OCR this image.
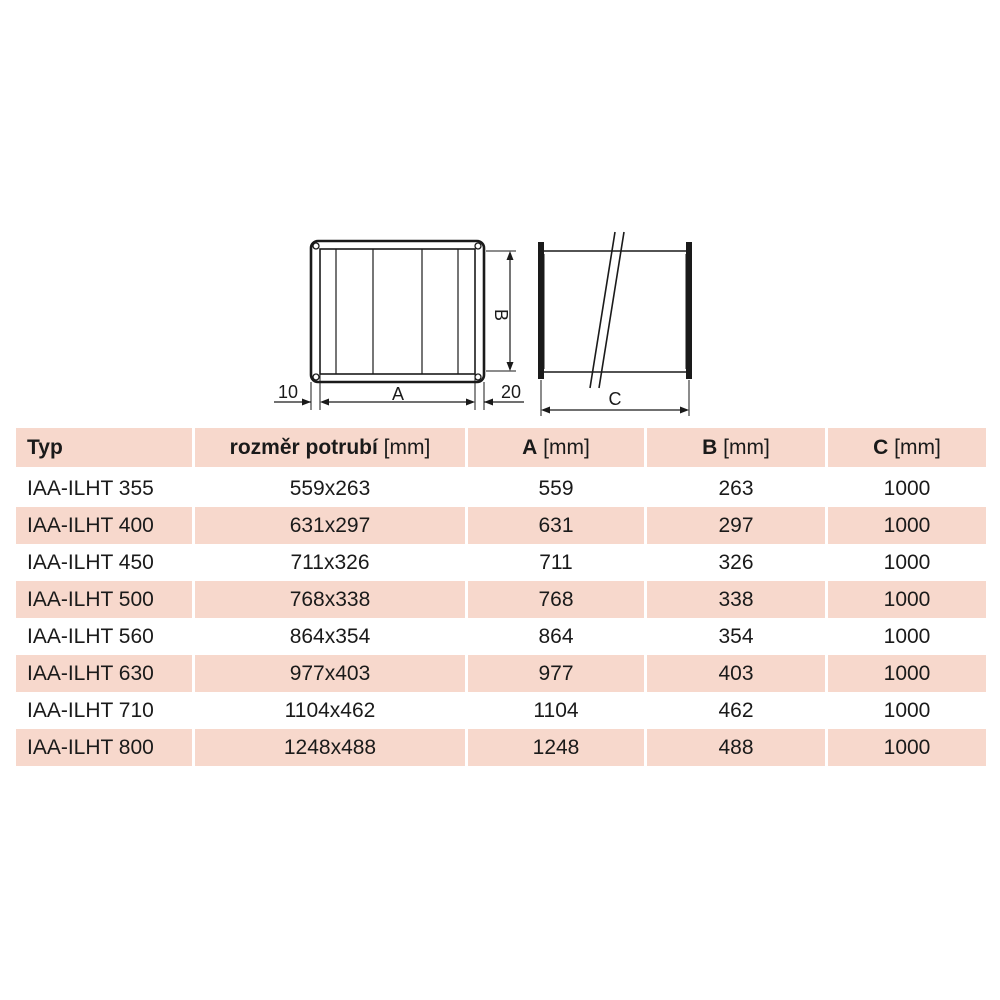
B
10	A	20	C
Typ	rozměr potrubí [mm]	A [mm]	B [mm]	C [mm]
IAA-ILHT 355	559x263	559	263	1000
IAA-ILHT 400	631x297	631	297	1000
IAA-ILHT 450	711x326	711	326	1000
IAA-ILHT 500	768x338	768	338	1000
IAA-ILHT 560	864x354	864	354	1000
IAA-ILHT 630	977x403	977	403	1000
IAA-ILHT 710	1104x462	1104	462	1000
IAA-ILHT 800	1248x488	1248	488	1000
